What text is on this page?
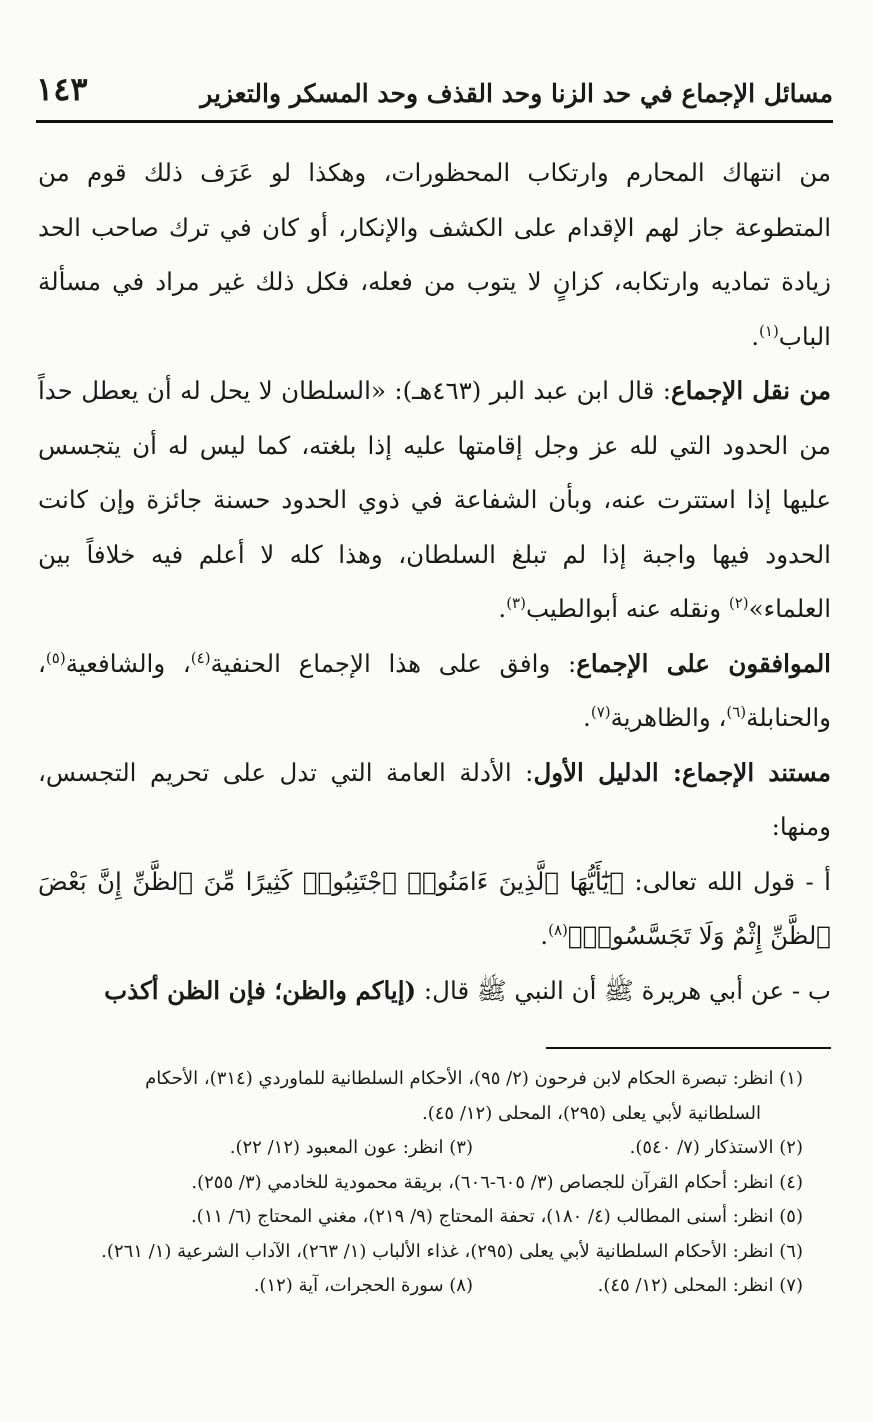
مسائل الإجماع في حد الزنا وحد القذف وحد المسكر والتعزير
١٤٣

من انتهاك المحارم وارتكاب المحظورات، وهكذا لو عَرَف ذلك قوم من المتطوعة جاز لهم الإقدام على الكشف والإنكار، أو كان في ترك صاحب الحد زيادة تماديه وارتكابه، كزانٍ لا يتوب من فعله، فكل ذلك غير مراد في مسألة الباب$^{(١)}$.

من نقل الإجماع: قال ابن عبد البر (٤٦٣هـ): «السلطان لا يحل له أن يعطل حداً من الحدود التي لله عز وجل إقامتها عليه إذا بلغته، كما ليس له أن يتجسس عليها إذا استترت عنه، وبأن الشفاعة في ذوي الحدود حسنة جائزة وإن كانت الحدود فيها واجبة إذا لم تبلغ السلطان، وهذا كله لا أعلم فيه خلافاً بين العلماء»$^{(٢)}$ ونقله عنه أبوالطيب$^{(٣)}$.

الموافقون على الإجماع: وافق على هذا الإجماع الحنفية$^{(٤)}$، والشافعية$^{(٥)}$، والحنابلة$^{(٦)}$، والظاهرية$^{(٧)}$.

مستند الإجماع: الدليل الأول: الأدلة العامة التي تدل على تحريم التجسس، ومنها:

أ - قول الله تعالى: ﴿يَٰٓأَيُّهَا ٱلَّذِينَ ءَامَنُوا۟ ٱجْتَنِبُوا۟ كَثِيرًا مِّنَ ٱلظَّنِّ إِنَّ بَعْضَ ٱلظَّنِّ إِثْمٌ وَلَا تَجَسَّسُوا۟﴾$^{(٨)}$.

ب - عن أبي هريرة ﷺ أن النبي ﷺ قال: (إياكم والظن؛ فإن الظن أكذب

(١) انظر: تبصرة الحكام لابن فرحون (٢/ ٩٥)، الأحكام السلطانية للماوردي (٣١٤)، الأحكام

السلطانية لأبي يعلى (٢٩٥)، المحلى (١٢/ ٤٥).

(٢) الاستذكار (٧/ ٥٤٠).

(٣) انظر: عون المعبود (١٢/ ٢٢).

(٤) انظر: أحكام القرآن للجصاص (٣/ ٦٠٥-٦٠٦)، بريقة محمودية للخادمي (٣/ ٢٥٥).

(٥) انظر: أسنى المطالب (٤/ ١٨٠)، تحفة المحتاج (٩/ ٢١٩)، مغني المحتاج (٦/ ١١).

(٦) انظر: الأحكام السلطانية لأبي يعلى (٢٩٥)، غذاء الألباب (١/ ٢٦٣)، الآداب الشرعية (١/ ٢٦١).

(٧) انظر: المحلى (١٢/ ٤٥).

(٨) سورة الحجرات، آية (١٢).
